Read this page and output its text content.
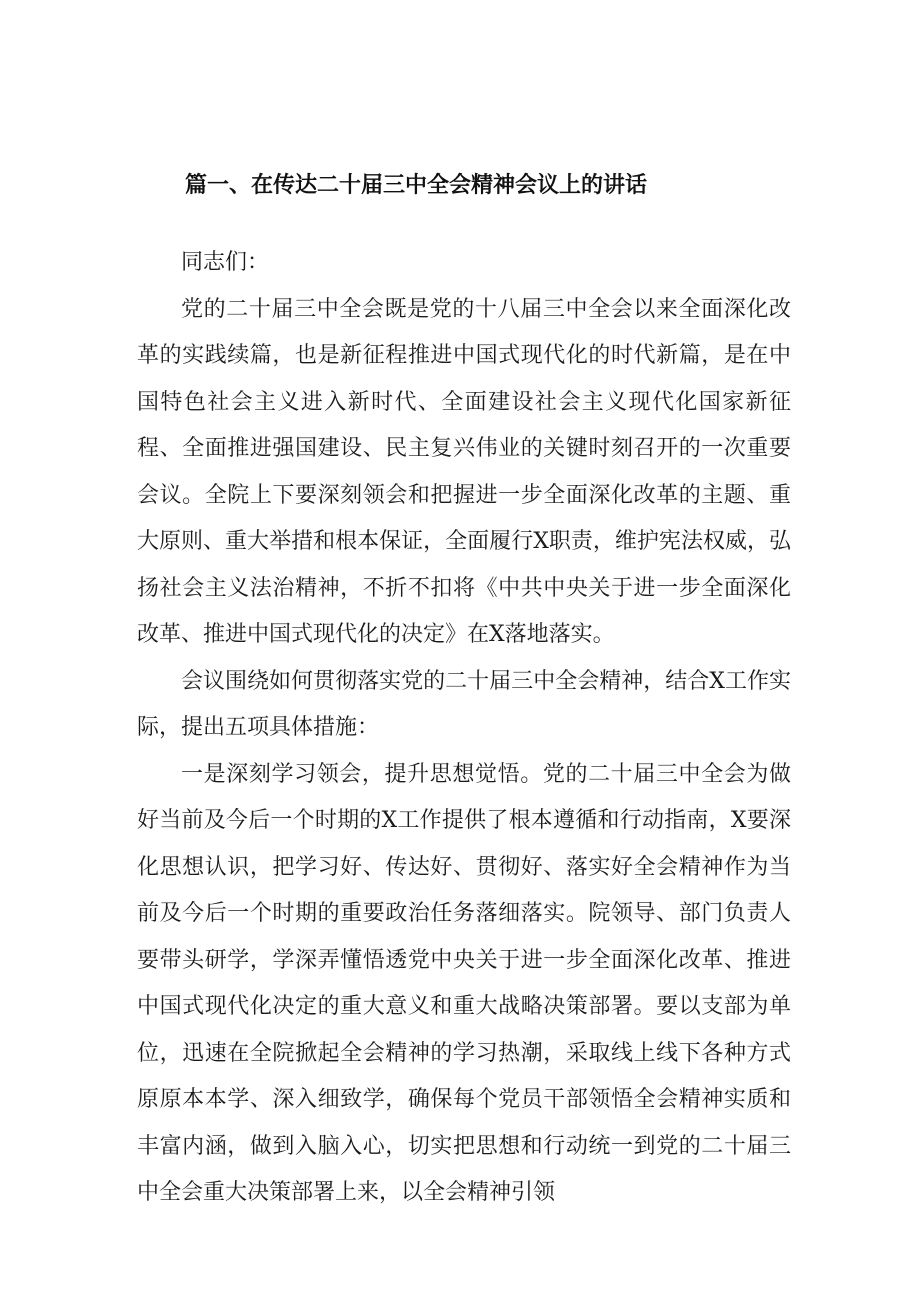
篇一、在传达二十届三中全会精神会议上的讲话

同志们：

党的二十届三中全会既是党的十八届三中全会以来全面深化改革的实践续篇，也是新征程推进中国式现代化的时代新篇，是在中国特色社会主义进入新时代、全面建设社会主义现代化国家新征程、全面推进强国建设、民主复兴伟业的关键时刻召开的一次重要会议。全院上下要深刻领会和把握进一步全面深化改革的主题、重大原则、重大举措和根本保证，全面履行X职责，维护宪法权威，弘扬社会主义法治精神，不折不扣将《中共中央关于进一步全面深化改革、推进中国式现代化的决定》在X落地落实。

会议围绕如何贯彻落实党的二十届三中全会精神，结合X工作实际，提出五项具体措施：

一是深刻学习领会，提升思想觉悟。党的二十届三中全会为做好当前及今后一个时期的X工作提供了根本遵循和行动指南，X要深化思想认识，把学习好、传达好、贯彻好、落实好全会精神作为当前及今后一个时期的重要政治任务落细落实。院领导、部门负责人要带头研学，学深弄懂悟透党中央关于进一步全面深化改革、推进中国式现代化决定的重大意义和重大战略决策部署。要以支部为单位，迅速在全院掀起全会精神的学习热潮，采取线上线下各种方式原原本本学、深入细致学，确保每个党员干部领悟全会精神实质和丰富内涵，做到入脑入心，切实把思想和行动统一到党的二十届三中全会重大决策部署上来，以全会精神引领
